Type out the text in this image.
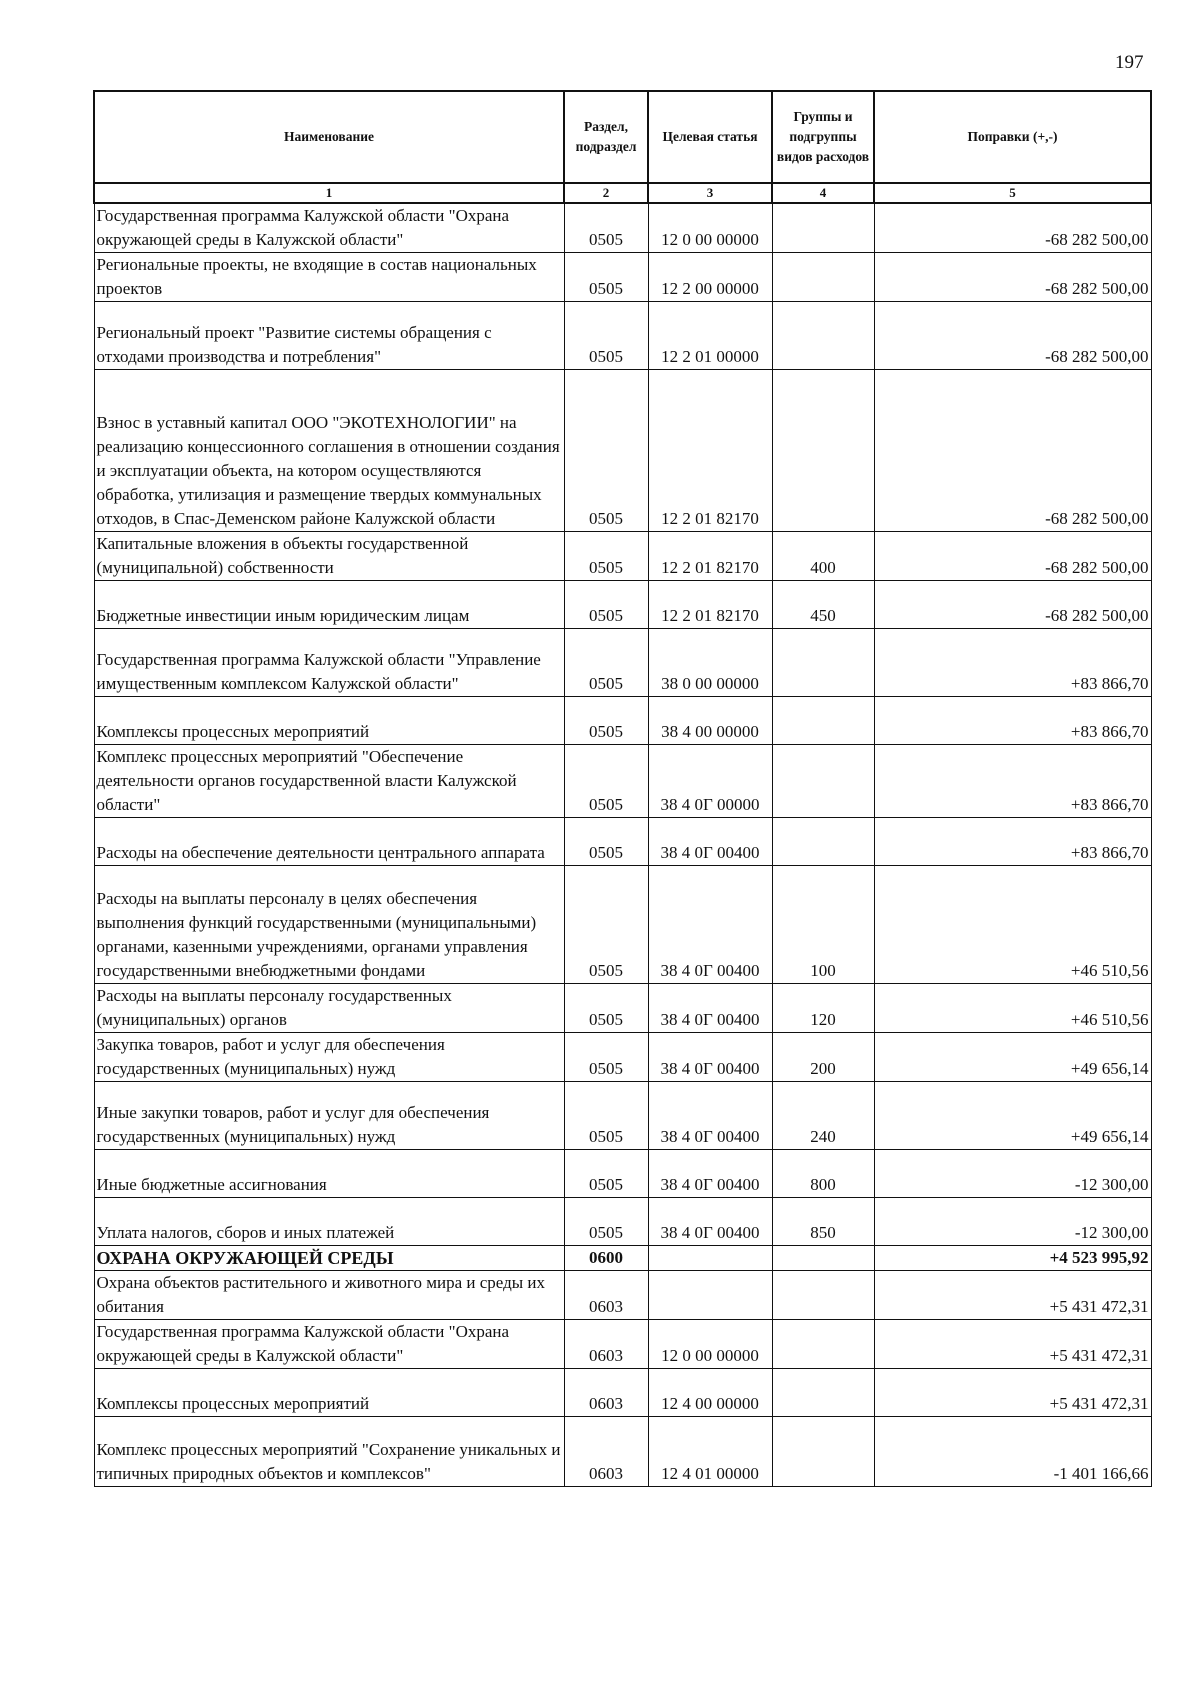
197
Наименование	Раздел, подраздел	Целевая статья	Группы и подгруппы видов расходов	Поправки (+,-)
1	2	3	4	5
Государственная программа Калужской области "Охрана окружающей среды в Калужской области"	0505	12 0 00 00000		-68 282 500,00
Региональные проекты, не входящие в состав национальных проектов	0505	12 2 00 00000		-68 282 500,00
Региональный проект "Развитие системы обращения с отходами производства и потребления"	0505	12 2 01 00000		-68 282 500,00
Взнос в уставный капитал ООО "ЭКОТЕХНОЛОГИИ" на реализацию концессионного соглашения в отношении создания и эксплуатации объекта, на котором осуществляются обработка, утилизация и размещение твердых коммунальных отходов, в Спас-Деменском районе Калужской области	0505	12 2 01 82170		-68 282 500,00
Капитальные вложения в объекты государственной (муниципальной) собственности	0505	12 2 01 82170	400	-68 282 500,00
Бюджетные инвестиции иным юридическим лицам	0505	12 2 01 82170	450	-68 282 500,00
Государственная программа Калужской области "Управление имущественным комплексом Калужской области"	0505	38 0 00 00000		+83 866,70
Комплексы процессных мероприятий	0505	38 4 00 00000		+83 866,70
Комплекс процессных мероприятий "Обеспечение деятельности органов государственной власти Калужской области"	0505	38 4 0Г 00000		+83 866,70
Расходы на обеспечение деятельности центрального аппарата	0505	38 4 0Г 00400		+83 866,70
Расходы на выплаты персоналу в целях обеспечения выполнения функций государственными (муниципальными) органами, казенными учреждениями, органами управления государственными внебюджетными фондами	0505	38 4 0Г 00400	100	+46 510,56
Расходы на выплаты персоналу государственных (муниципальных) органов	0505	38 4 0Г 00400	120	+46 510,56
Закупка товаров, работ и услуг для обеспечения государственных (муниципальных) нужд	0505	38 4 0Г 00400	200	+49 656,14
Иные закупки товаров, работ и услуг для обеспечения государственных (муниципальных) нужд	0505	38 4 0Г 00400	240	+49 656,14
Иные бюджетные ассигнования	0505	38 4 0Г 00400	800	-12 300,00
Уплата налогов, сборов и иных платежей	0505	38 4 0Г 00400	850	-12 300,00
ОХРАНА ОКРУЖАЮЩЕЙ СРЕДЫ	0600			+4 523 995,92
Охрана объектов растительного и животного мира и среды их обитания	0603			+5 431 472,31
Государственная программа Калужской области "Охрана окружающей среды в Калужской области"	0603	12 0 00 00000		+5 431 472,31
Комплексы процессных мероприятий	0603	12 4 00 00000		+5 431 472,31
Комплекс процессных мероприятий "Сохранение уникальных и типичных природных объектов и комплексов"	0603	12 4 01 00000		-1 401 166,66
